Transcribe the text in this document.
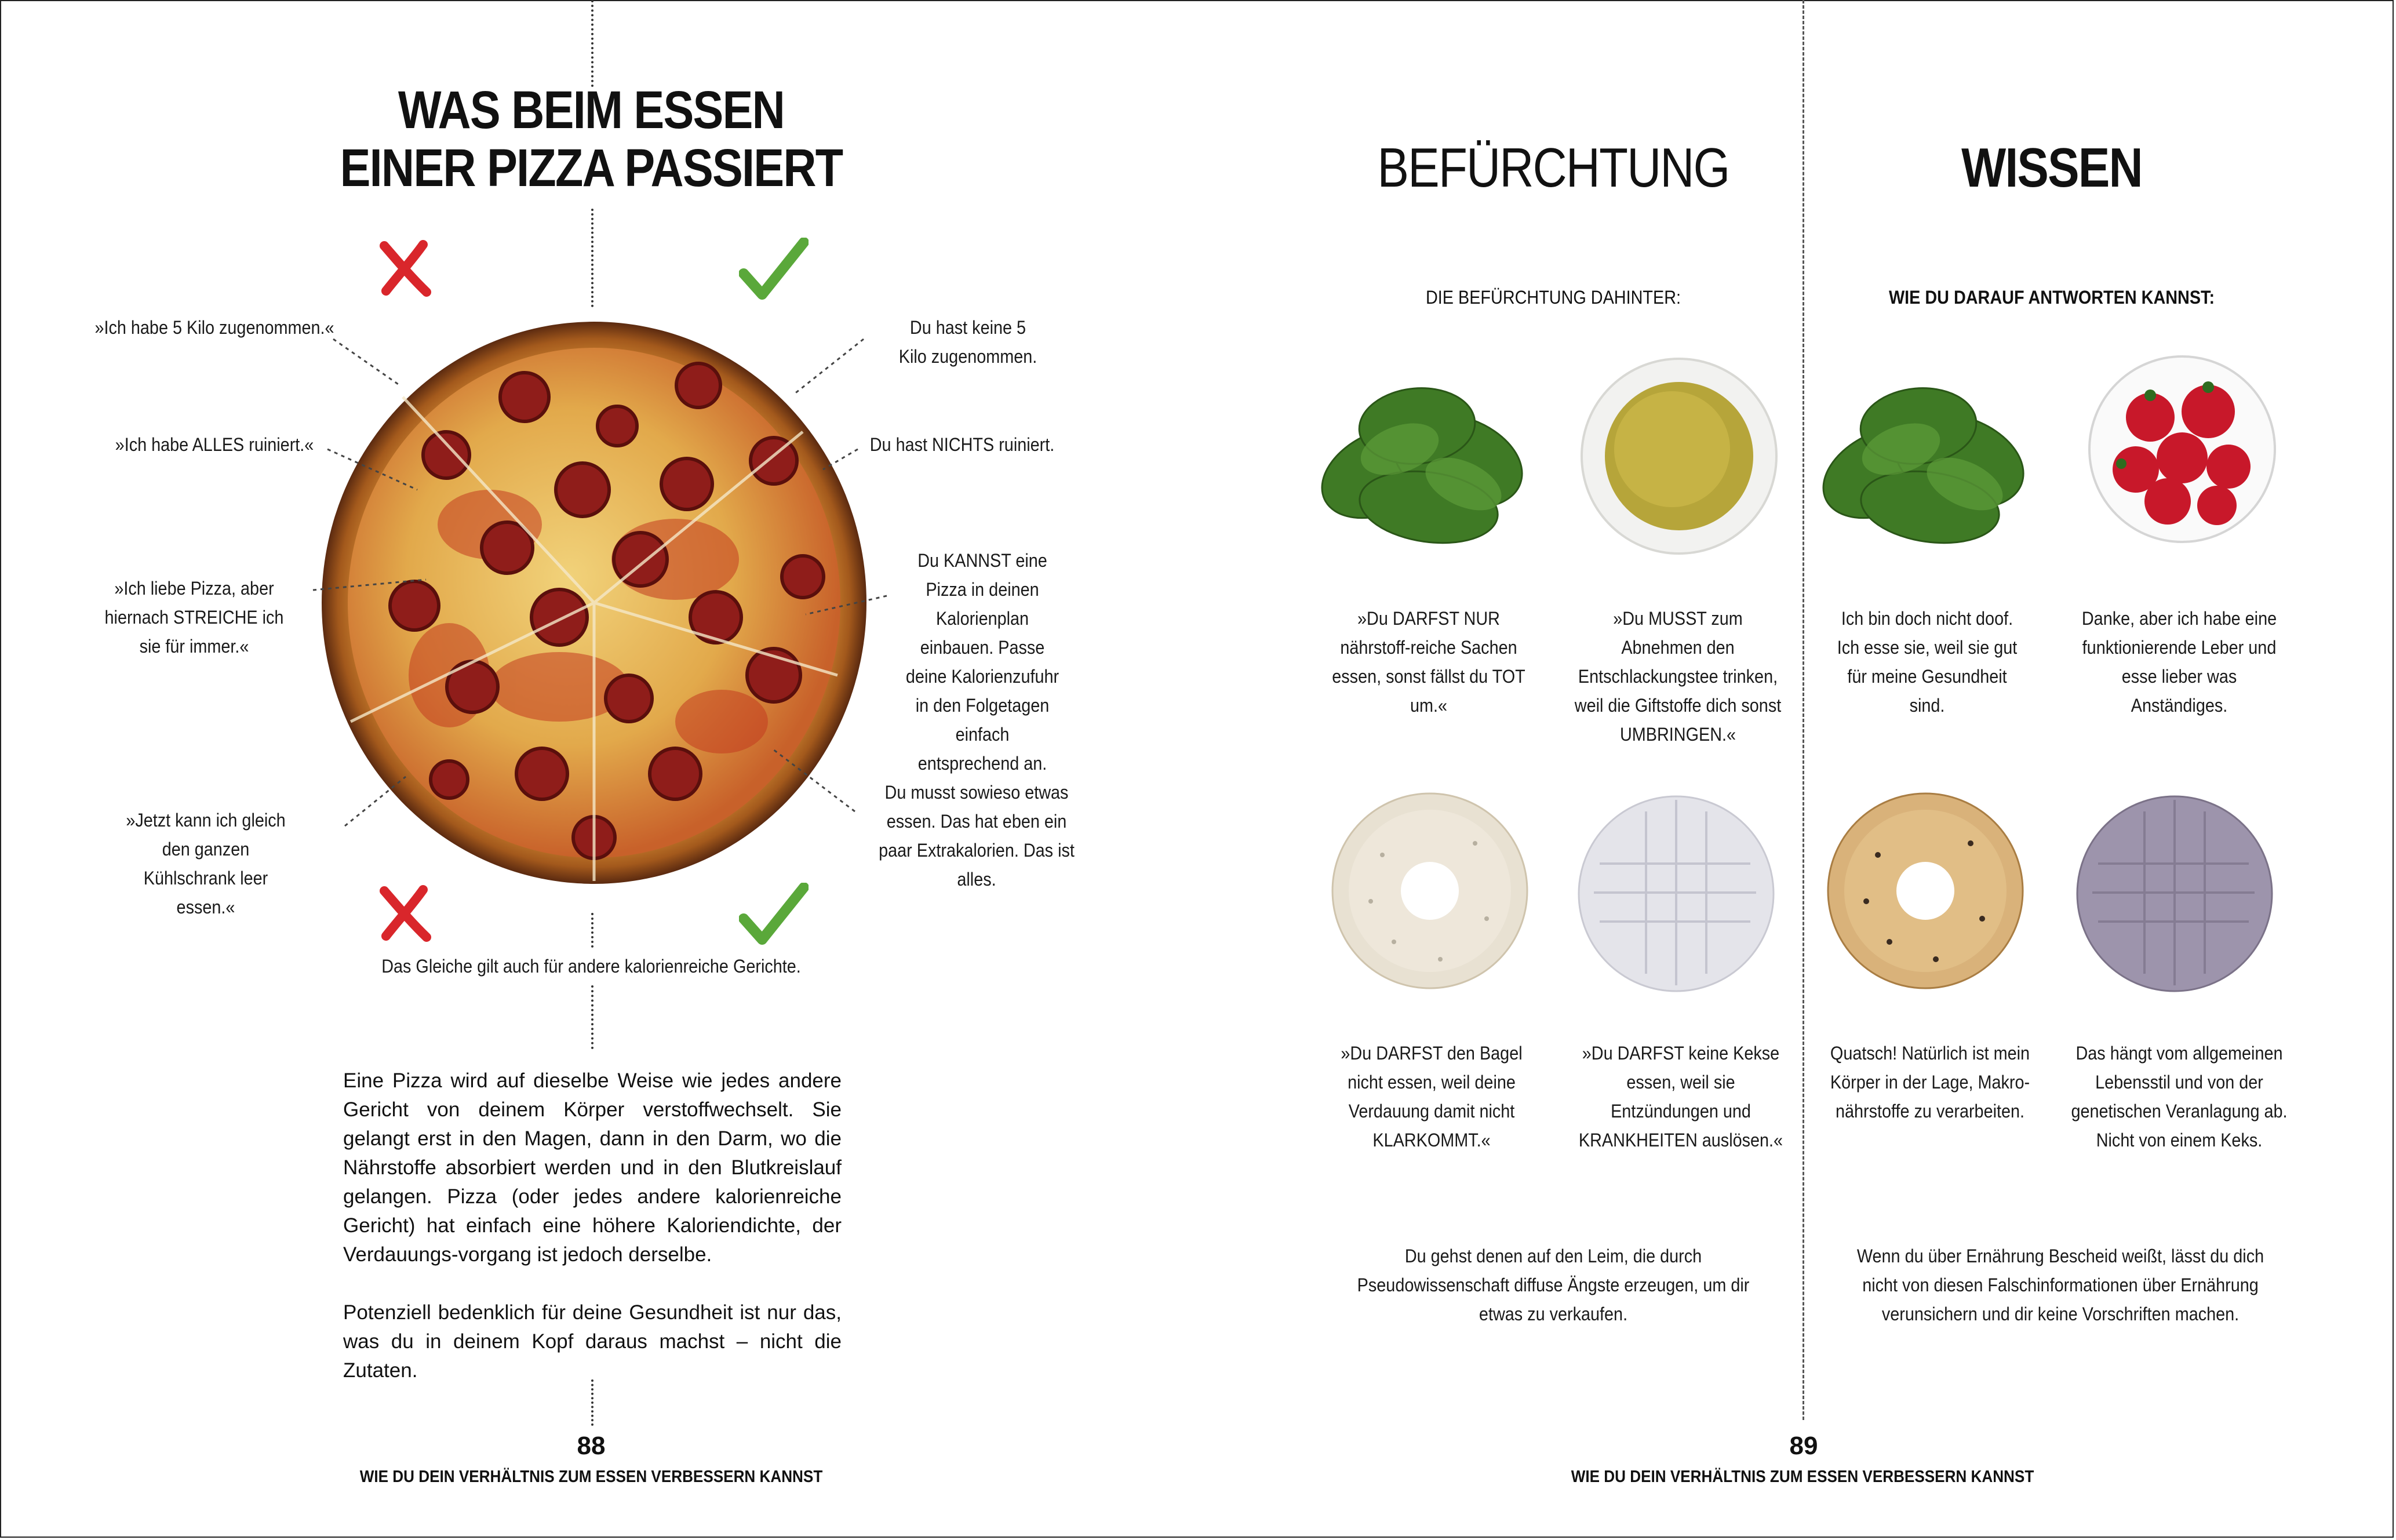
WAS BEIM ESSEN
EINER PIZZA PASSIERT
»Ich habe 5 Kilo zugenommen.«
»Ich habe ALLES ruiniert.«
»Ich liebe Pizza, aber hiernach STREICHE ich sie für immer.«
»Jetzt kann ich gleich den ganzen Kühlschrank leer essen.«
Du hast keine 5 Kilo zugenommen.
Du hast NICHTS ruiniert.
Du KANNST eine Pizza in deinen Kalorienplan einbauen. Passe deine Kalorienzufuhr in den Folgetagen einfach entsprechend an.
Du musst sowieso etwas essen. Das hat eben ein paar Extrakalorien. Das ist alles.
Das Gleiche gilt auch für andere kalorienreiche Gerichte.
Eine Pizza wird auf dieselbe Weise wie jedes andere Gericht von deinem Körper verstoffwechselt. Sie gelangt erst in den Magen, dann in den Darm, wo die Nährstoffe absorbiert werden und in den Blutkreislauf gelangen. Pizza (oder jedes andere kalorienreiche Gericht) hat einfach eine höhere Kaloriendichte, der Verdauungs-vorgang ist jedoch derselbe.
Potenziell bedenklich für deine Gesundheit ist nur das, was du in deinem Kopf daraus machst – nicht die Zutaten.
88
WIE DU DEIN VERHÄLTNIS ZUM ESSEN VERBESSERN KANNST
BEFÜRCHTUNG	WISSEN
DIE BEFÜRCHTUNG DAHINTER:	WIE DU DARAUF ANTWORTEN KANNST:
»Du DARFST NUR nährstoff-reiche Sachen essen, sonst fällst du TOT um.«
»Du MUSST zum Abnehmen den Entschlackungstee trinken, weil die Giftstoffe dich sonst UMBRINGEN.«
Ich bin doch nicht doof. Ich esse sie, weil sie gut für meine Gesundheit sind.
Danke, aber ich habe eine funktionierende Leber und esse lieber was Anständiges.
»Du DARFST den Bagel nicht essen, weil deine Verdauung damit nicht KLARKOMMT.«
»Du DARFST keine Kekse essen, weil sie Entzündungen und KRANKHEITEN auslösen.«
Quatsch! Natürlich ist mein Körper in der Lage, Makro-nährstoffe zu verarbeiten.
Das hängt vom allgemeinen Lebensstil und von der genetischen Veranlagung ab. Nicht von einem Keks.
Du gehst denen auf den Leim, die durch Pseudowissenschaft diffuse Ängste erzeugen, um dir etwas zu verkaufen.
Wenn du über Ernährung Bescheid weißt, lässt du dich nicht von diesen Falschinformationen über Ernährung verunsichern und dir keine Vorschriften machen.
89
WIE DU DEIN VERHÄLTNIS ZUM ESSEN VERBESSERN KANNST
